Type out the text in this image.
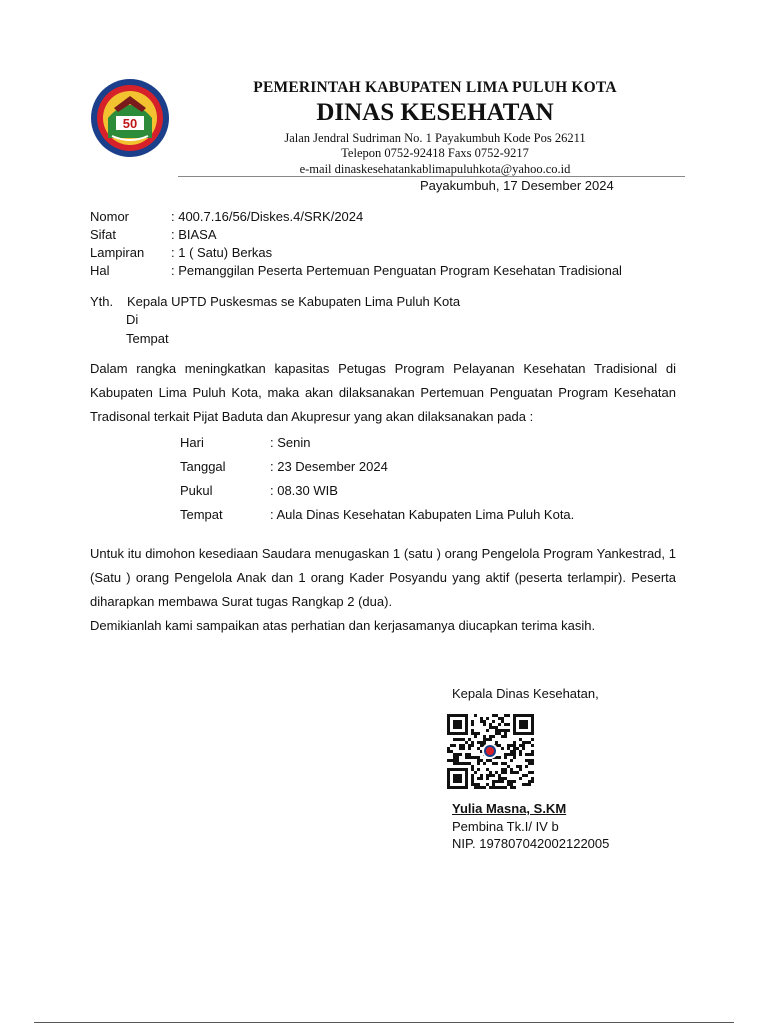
50
PEMERINTAH KABUPATEN LIMA PULUH KOTA
DINAS KESEHATAN
Jalan Jendral Sudriman No. 1 Payakumbuh Kode Pos 26211
Telepon 0752-92418 Faxs 0752-9217
e-mail dinaskesehatankablimapuluhkota@yahoo.co.id
Payakumbuh, 17 Desember 2024
Nomor	: 400.7.16/56/Diskes.4/SRK/2024
Sifat	: BIASA
Lampiran : 1 ( Satu) Berkas
Hal	: Pemanggilan Peserta Pertemuan Penguatan Program Kesehatan Tradisional
Yth. Kepala UPTD Puskesmas se Kabupaten Lima Puluh Kota
Di
Tempat
Dalam rangka meningkatkan kapasitas Petugas Program Pelayanan Kesehatan Tradisional di Kabupaten Lima Puluh Kota, maka akan dilaksanakan Pertemuan Penguatan Program Kesehatan Tradisonal terkait Pijat Baduta dan Akupresur yang akan dilaksanakan pada :
Hari	: Senin
Tanggal	: 23 Desember 2024
Pukul	: 08.30 WIB
Tempat	: Aula Dinas Kesehatan Kabupaten Lima Puluh Kota.
Untuk itu dimohon kesediaan Saudara menugaskan 1 (satu ) orang Pengelola Program Yankestrad, 1 (Satu ) orang Pengelola Anak dan 1 orang Kader Posyandu yang aktif (peserta terlampir). Peserta diharapkan membawa Surat tugas Rangkap 2 (dua).
Demikianlah kami sampaikan atas perhatian dan kerjasamanya diucapkan terima kasih.
Kepala Dinas Kesehatan,
Yulia Masna, S.KM
Pembina Tk.I/ IV b
NIP. 197807042002122005
